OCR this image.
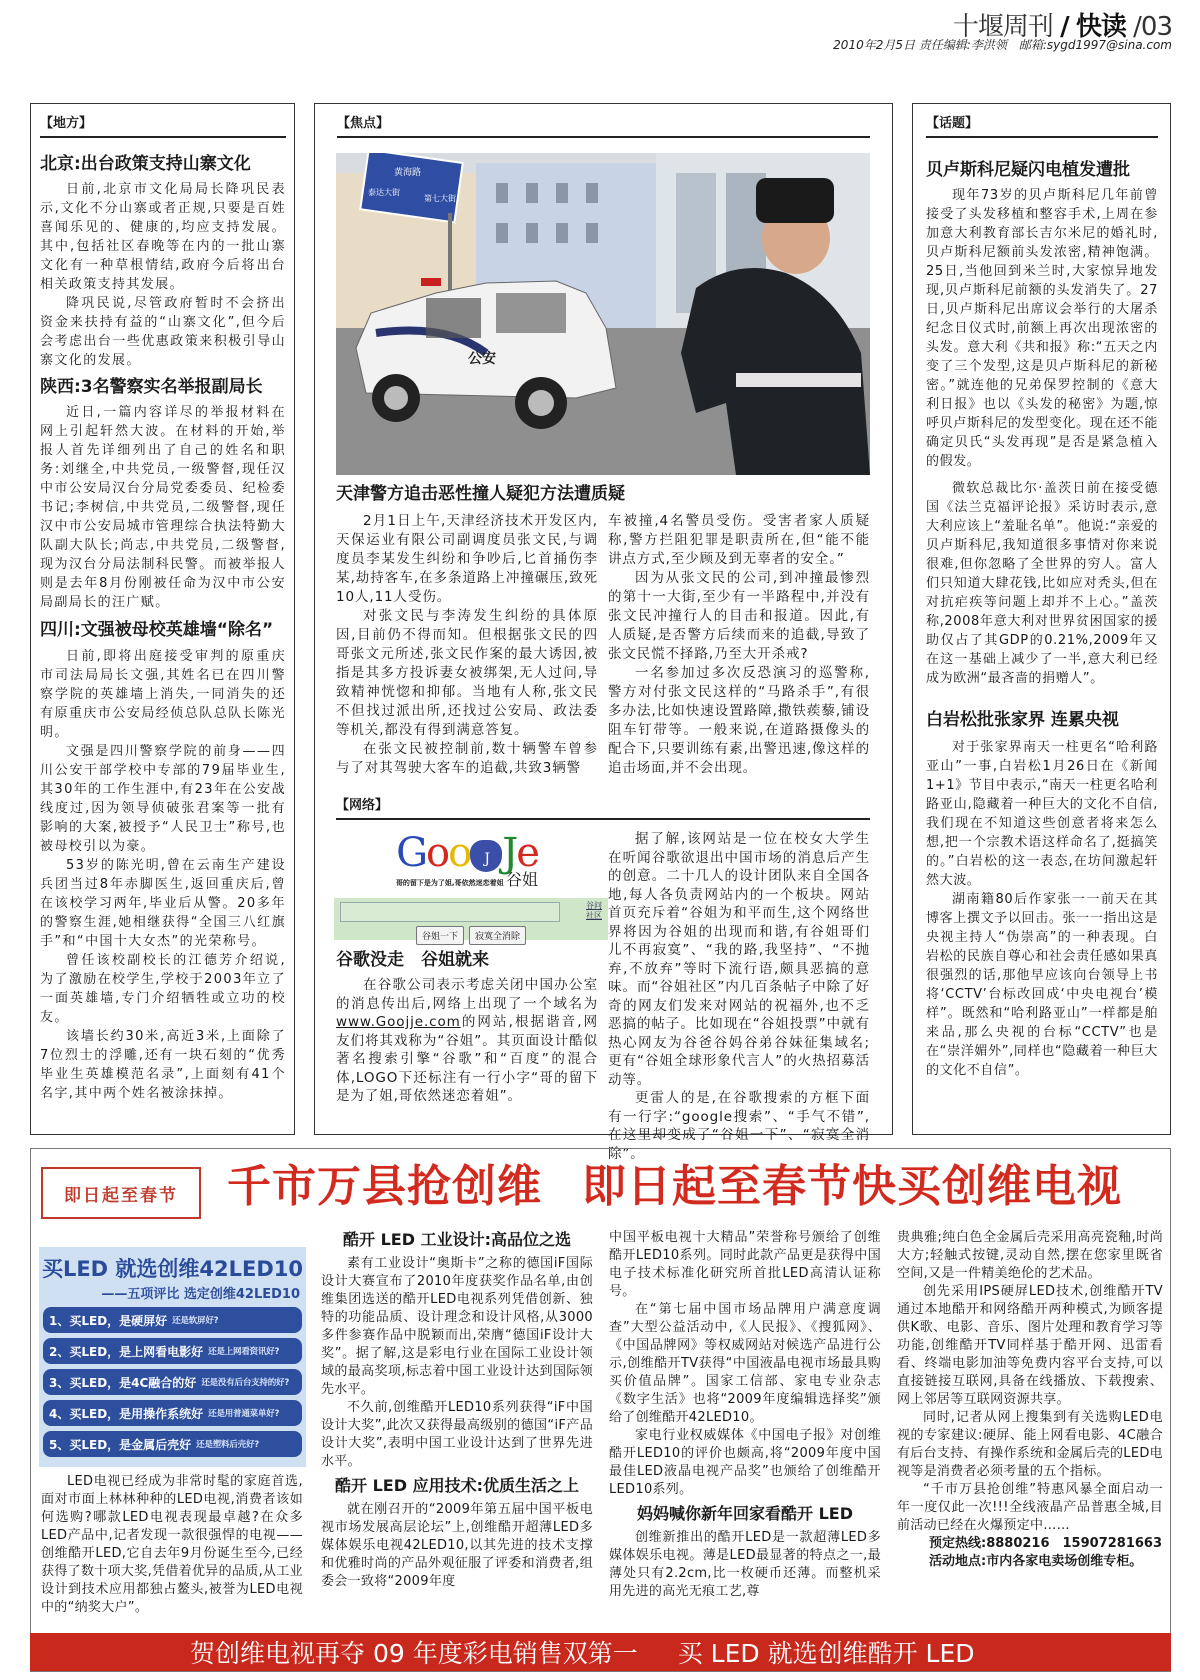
十堰周刊 / 快读 /03
2010年2月5日 责任编辑:李洪领　邮箱:sygd1997@sina.com
【地方】
北京:出台政策支持山寨文化

日前,北京市文化局局长降巩民表示,文化不分山寨或者正规,只要是百姓喜闻乐见的、健康的,均应支持发展。其中,包括社区春晚等在内的一批山寨文化有一种草根情结,政府今后将出台相关政策支持其发展。

降巩民说,尽管政府暂时不会挤出资金来扶持有益的“山寨文化”,但今后会考虑出台一些优惠政策来积极引导山寨文化的发展。

陕西:3名警察实名举报副局长

近日,一篇内容详尽的举报材料在网上引起轩然大波。在材料的开始,举报人首先详细列出了自己的姓名和职务:刘继全,中共党员,一级警督,现任汉中市公安局汉台分局党委委员、纪检委书记;李树信,中共党员,二级警督,现任汉中市公安局城市管理综合执法特勤大队副大队长;尚志,中共党员,二级警督,现为汉台分局法制科民警。而被举报人则是去年8月份刚被任命为汉中市公安局副局长的汪广赋。

四川:文强被母校英雄墙“除名”

日前,即将出庭接受审判的原重庆市司法局局长文强,其姓名已在四川警察学院的英雄墙上消失,一同消失的还有原重庆市公安局经侦总队总队长陈光明。

文强是四川警察学院的前身——四川公安干部学校中专部的79届毕业生,其30年的工作生涯中,有23年在公安战线度过,因为领导侦破张君案等一批有影响的大案,被授予“人民卫士”称号,也被母校引以为豪。

53岁的陈光明,曾在云南生产建设兵团当过8年赤脚医生,返回重庆后,曾在该校学习两年,毕业后从警。20多年的警察生涯,她相继获得“全国三八红旗手”和“中国十大女杰”的光荣称号。

曾任该校副校长的江德芳介绍说,为了激励在校学生,学校于2003年立了一面英雄墙,专门介绍牺牲或立功的校友。

该墙长约30米,高近3米,上面除了7位烈士的浮雕,还有一块石刻的“优秀毕业生英雄模范名录”,上面刻有41个名字,其中两个姓名被涂抹掉。

【焦点】
黄海路
泰达大街
第七大街
公安
天津警方追击恶性撞人疑犯方法遭质疑

2月1日上午,天津经济技术开发区内,天保运业有限公司副调度员张文民,与调度员李某发生纠纷和争吵后,匕首捅伤李某,劫持客车,在多条道路上冲撞碾压,致死10人,11人受伤。

对张文民与李涛发生纠纷的具体原因,目前仍不得而知。但根据张文民的四哥张文元所述,张文民作案的最大诱因,被指是其多方投诉妻女被绑架,无人过问,导致精神恍惚和抑郁。当地有人称,张文民不但找过派出所,还找过公安局、政法委等机关,都没有得到满意答复。

在张文民被控制前,数十辆警车曾参与了对其驾驶大客车的追截,共致3辆警

车被撞,4名警员受伤。受害者家人质疑称,警方拦阻犯罪是职责所在,但“能不能讲点方式,至少顾及到无辜者的安全。”

因为从张文民的公司,到冲撞最惨烈的第十一大街,至少有一半路程中,并没有张文民冲撞行人的目击和报道。因此,有人质疑,是否警方后续而来的追截,导致了张文民慌不择路,乃至大开杀戒?

一名参加过多次反恐演习的巡警称,警方对付张文民这样的“马路杀手”,有很多办法,比如快速设置路障,撒铁蒺藜,铺设阻车钉带等。一般来说,在道路摄像头的配合下,只要训练有素,出警迅速,像这样的追击场面,并不会出现。

【网络】
Goo J Je
哥的留下是为了姐,哥依然迷恋着姐 谷姐
谷问
社区
谷姐一下 寂寞全消除
谷歌没走　谷姐就来

在谷歌公司表示考虑关闭中国办公室的消息传出后,网络上出现了一个域名为www.Goojje.com的网站,根据谐音,网友们将其戏称为“谷姐”。其页面设计酷似著名搜索引擎“谷歌”和“百度”的混合体,LOGO下还标注有一行小字“哥的留下是为了姐,哥依然迷恋着姐”。

据了解,该网站是一位在校女大学生在听闻谷歌欲退出中国市场的消息后产生的创意。二十几人的设计团队来自全国各地,每人各负责网站内的一个板块。网站首页充斥着“谷姐为和平而生,这个网络世界将因为谷姐的出现而和谐,有谷姐哥们儿不再寂寞”、“我的路,我坚持”、“不抛弃,不放弃”等时下流行语,颇具恶搞的意味。而“谷姐社区”内几百条帖子中除了好奇的网友们发来对网站的祝福外,也不乏恶搞的帖子。比如现在“谷姐投票”中就有热心网友为谷爸谷妈谷弟谷妹征集域名;更有“谷姐全球形象代言人”的火热招募活动等。

更雷人的是,在谷歌搜索的方框下面有一行字:“google搜索”、“手气不错”,在这里却变成了“谷姐一下”、“寂寞全消除”。

【话题】
贝卢斯科尼疑闪电植发遭批

现年73岁的贝卢斯科尼几年前曾接受了头发移植和整容手术,上周在参加意大利教育部长吉尔米尼的婚礼时,贝卢斯科尼额前头发浓密,精神饱满。25日,当他回到米兰时,大家惊异地发现,贝卢斯科尼前额的头发消失了。27日,贝卢斯科尼出席议会举行的大屠杀纪念日仪式时,前额上再次出现浓密的头发。意大利《共和报》称:“五天之内变了三个发型,这是贝卢斯科尼的新秘密。”就连他的兄弟保罗控制的《意大利日报》也以《头发的秘密》为题,惊呼贝卢斯科尼的发型变化。现在还不能确定贝氏“头发再现”是否是紧急植入的假发。

微软总裁比尔·盖茨日前在接受德国《法兰克福评论报》采访时表示,意大利应该上“羞耻名单”。他说:“亲爱的贝卢斯科尼,我知道很多事情对你来说很难,但你忽略了全世界的穷人。富人们只知道大肆花钱,比如应对秃头,但在对抗疟疾等问题上却并不上心。”盖茨称,2008年意大利对世界贫困国家的援助仅占了其GDP的0.21%,2009年又在这一基础上减少了一半,意大利已经成为欧洲“最吝啬的捐赠人”。

白岩松批张家界 连累央视

对于张家界南天一柱更名“哈利路亚山”一事,白岩松1月26日在《新闻1+1》节目中表示,“南天一柱更名哈利路亚山,隐藏着一种巨大的文化不自信,我们现在不知道这些创意者将来怎么想,把一个宗教术语这样命名了,挺搞笑的。”白岩松的这一表态,在坊间激起轩然大波。

湖南籍80后作家张一一前天在其博客上撰文予以回击。张一一指出这是央视主持人“伪崇高”的一种表现。白岩松的民族自尊心和社会责任感如果真很强烈的话,那他早应该向台领导上书将‘CCTV’台标改回成‘中央电视台’模样”。既然和“哈利路亚山”一样都是舶来品,那么央视的台标“CCTV”也是在“崇洋媚外”,同样也“隐藏着一种巨大的文化不自信”。

即日起至春节	千市万县抢创维 即日起至春节快买创维电视
买LED 就选创维42LED10
——五项评比 选定创维42LED10
1、买LED，是硬屏好 还是软屏好?
2、买LED，是上网看电影好 还是上网看资讯好?
3、买LED，是4C融合的好 还是没有后台支持的好?
4、买LED，是用操作系统好 还是用普通菜单好?
5、买LED，是金属后壳好 还是塑料后壳好?

LED电视已经成为非常时髦的家庭首选,面对市面上林林种种的LED电视,消费者该如何选购?哪款LED电视表现最卓越?在众多LED产品中,记者发现一款很强悍的电视——创维酷开LED,它自去年9月份诞生至今,已经获得了数十项大奖,凭借着优异的品质,从工业设计到技术应用都独占鳌头,被誉为LED电视中的“纳奖大户”。

酷开 LED 工业设计:高品位之选

素有工业设计“奥斯卡”之称的德国iF国际设计大赛宣布了2010年度获奖作品名单,由创维集团选送的酷开LED电视系列凭借创新、独特的功能品质、设计理念和设计风格,从3000多件参赛作品中脱颖而出,荣膺“德国iF设计大奖”。据了解,这是彩电行业在国际工业设计领域的最高奖项,标志着中国工业设计达到国际领先水平。

不久前,创维酷开LED10系列获得“iF中国设计大奖”,此次又获得最高级别的德国“iF产品设计大奖”,表明中国工业设计达到了世界先进水平。

酷开 LED 应用技术:优质生活之上

就在刚召开的“2009年第五届中国平板电视市场发展高层论坛”上,创维酷开超薄LED多媒体娱乐电视42LED10,以其先进的技术支撑和优雅时尚的产品外观征服了评委和消费者,组委会一致将“2009年度

中国平板电视十大精品”荣誉称号颁给了创维酷开LED10系列。同时此款产品更是获得中国电子技术标准化研究所首批LED高清认证称号。

在“第七届中国市场品牌用户满意度调查”大型公益活动中,《人民报》、《搜狐网》、《中国品牌网》等权威网站对候选产品进行公示,创维酷开TV获得“中国液晶电视市场最具购买价值品牌”。国家工信部、家电专业杂志《数字生活》也将“2009年度编辑选择奖”颁给了创维酷开42LED10。

家电行业权威媒体《中国电子报》对创维酷开LED10的评价也颇高,将“2009年度中国最佳LED液晶电视产品奖”也颁给了创维酷开LED10系列。

妈妈喊你新年回家看酷开 LED

创维新推出的酷开LED是一款超薄LED多媒体娱乐电视。薄是LED最显著的特点之一,最薄处只有2.2cm,比一枚硬币还薄。而整机采用先进的高光无痕工艺,尊

贵典雅;纯白色全金属后壳采用高亮瓷釉,时尚大方;轻触式按键,灵动自然,摆在您家里既省空间,又是一件精美绝伦的艺术品。

创先采用IPS硬屏LED技术,创维酷开TV通过本地酷开和网络酷开两种模式,为顾客提供K歌、电影、音乐、图片处理和教育学习等功能,创维酷开TV同样基于酷开网、迅雷看看、终端电影加油等免费内容平台支持,可以直接链接互联网,具备在线播放、下载搜索、网上邻居等互联网资源共享。

同时,记者从网上搜集到有关选购LED电视的专家建议:硬屏、能上网看电影、4C融合有后台支持、有操作系统和金属后壳的LED电视等是消费者必须考量的五个指标。

“千市万县抢创维”特惠风暴全面启动一年一度仅此一次!!!全线液晶产品普惠全城,目前活动已经在火爆预定中……

预定热线:8880216　15907281663
活动地点:市内各家电卖场创维专柜。
贺创维电视再夺 09 年度彩电销售双第一 买 LED 就选创维酷开 LED
